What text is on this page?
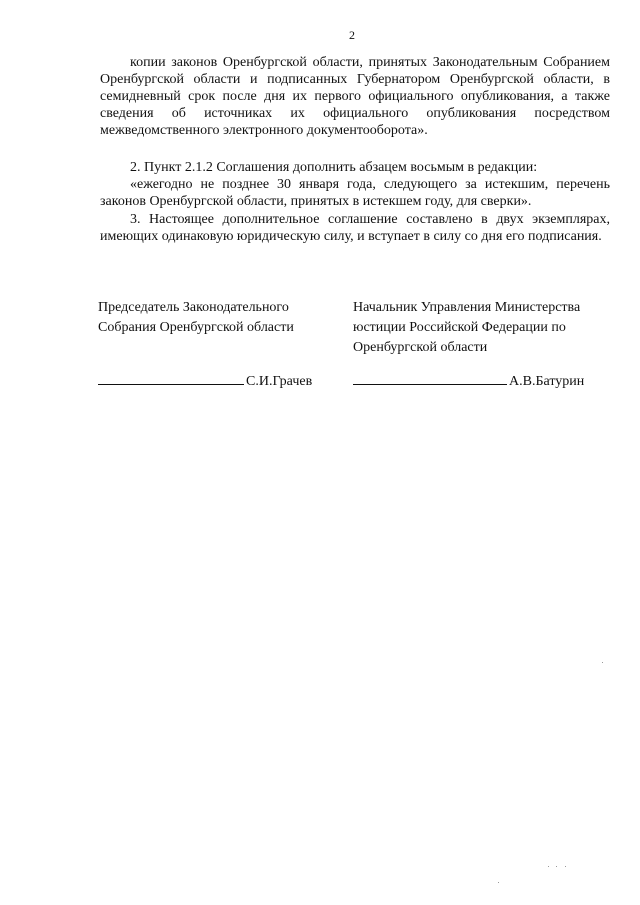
2

копии законов Оренбургской области, принятых Законодательным Собранием Оренбургской области и подписанных Губернатором Оренбургской области, в семидневный срок после дня их первого официального опубликования, а также сведения об источниках их официального опубликования посредством межведомственного электронного документооборота».

2. Пункт 2.1.2 Соглашения дополнить абзацем восьмым в редакции:

«ежегодно не позднее 30 января года, следующего за истекшим, перечень законов Оренбургской области, принятых в истекшем году, для сверки».

3. Настоящее дополнительное соглашение составлено в двух экземплярах, имеющих одинаковую юридическую силу, и вступает в силу со дня его подписания.

Председатель Законодательного
Собрания Оренбургской области
Начальник Управления Министерства
юстиции Российской Федерации по
Оренбургской области
С.И.Грачев	А.В.Батурин
